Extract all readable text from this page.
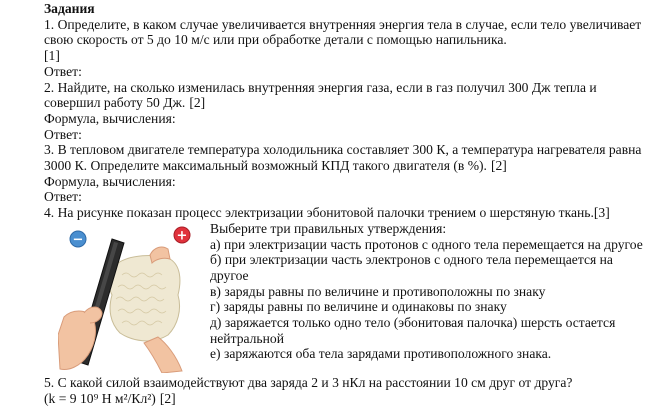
Задания

1. Определите, в каком случае увеличивается внутренняя энергия тела в случае, если тело увеличивает свою скорость от 5 до 10 м/с или при обработке детали с помощью напильника.

[1]

Ответ:

2. Найдите, на сколько изменилась внутренняя энергия газа, если в газ получил 300 Дж тепла и совершил работу 50 Дж. [2]

Формула, вычисления:

Ответ:

3. В тепловом двигателе температура холодильника составляет 300 К, а температура нагревателя равна 3000 К. Определите максимальный возможный КПД такого двигателя (в %). [2]

Формула, вычисления:

Ответ:

4. На рисунке показан процесс электризации эбонитовой палочки трением о шерстяную ткань.[3]

−	+ Выберите три правильных утверждения:
а) при электризации часть протонов с одного тела перемещается на другое
б) при электризации часть электронов с одного тела перемещается на другое
в) заряды равны по величине и противоположны по знаку
г) заряды равны по величине и одинаковы по знаку
д) заряжается только одно тело (эбонитовая палочка) шерсть остается нейтральной
е) заряжаются оба тела зарядами противоположного знака.

5. С какой силой взаимодействуют два заряда 2 и 3 нКл на расстоянии 10 см друг от друга?

(k = 9 10⁹ Н м²/Кл²) [2]
